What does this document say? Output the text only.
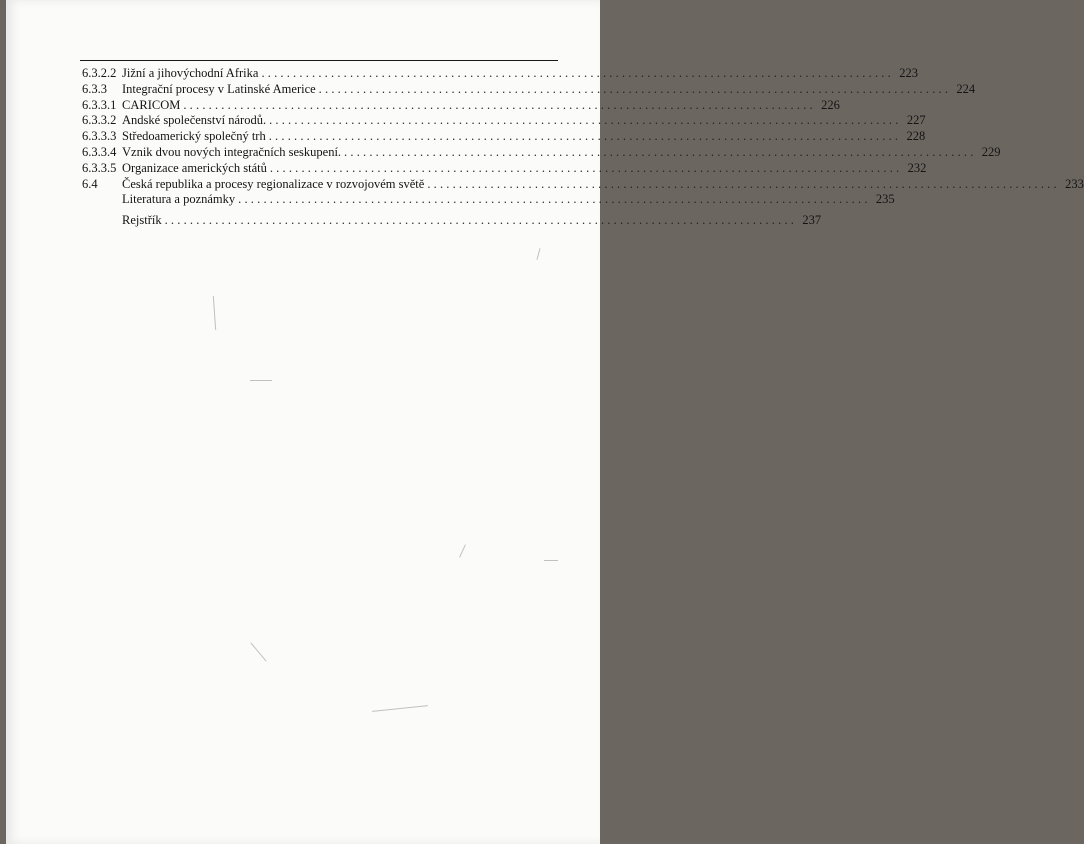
6.3.2.2 Jižní a jihovýchodní Afrika .................................................................................................... 223
6.3.3 Integrační procesy v Latinské Americe .................................................................................................... 224
6.3.3.1 CARICOM .................................................................................................... 226
6.3.3.2 Andské společenství národů. .................................................................................................... 227
6.3.3.3 Středoamerický společný trh .................................................................................................... 228
6.3.3.4 Vznik dvou nových integračních seskupení. .................................................................................................... 229
6.3.3.5 Organizace amerických států .................................................................................................... 232
6.4 Česká republika a procesy regionalizace v rozvojovém světě .................................................................................................... 233
Literatura a poznámky .................................................................................................... 235
Rejstřík .................................................................................................... 237
